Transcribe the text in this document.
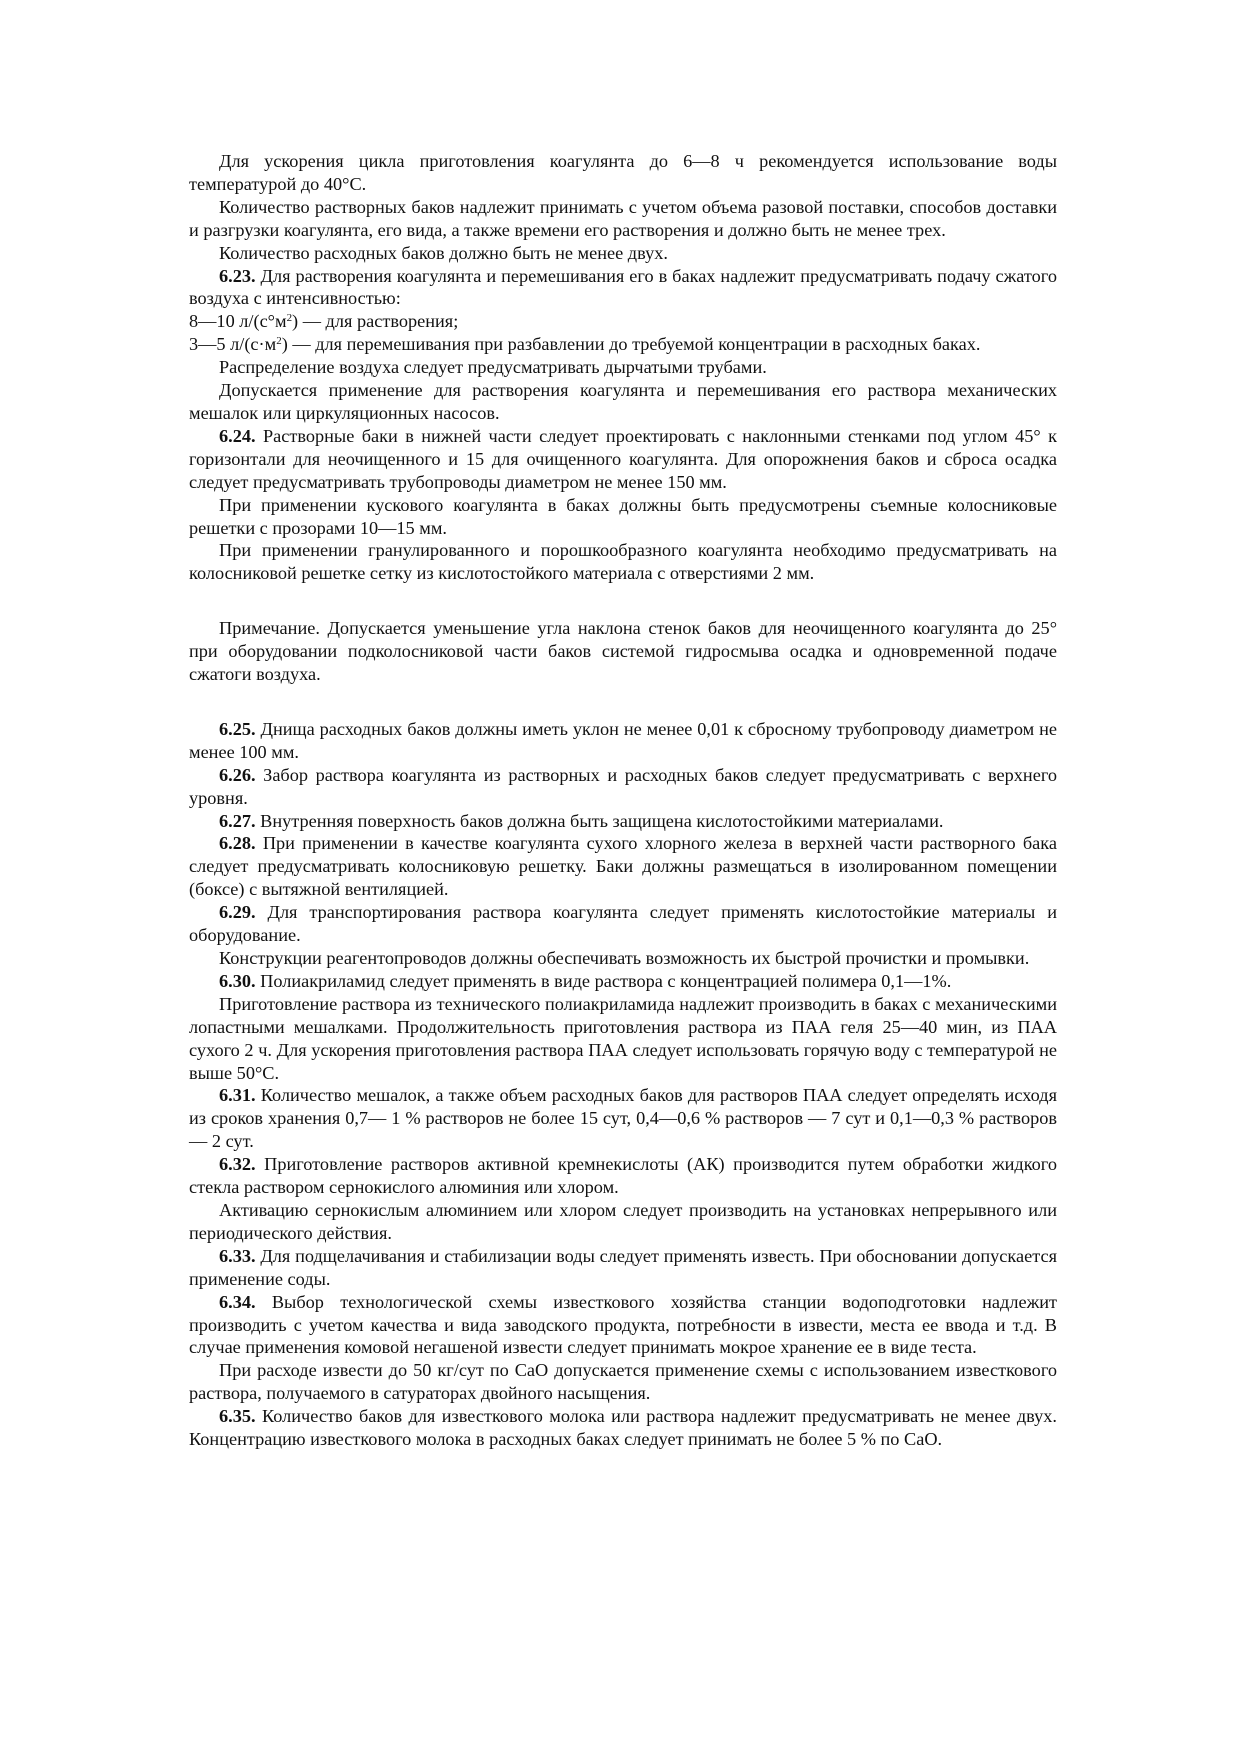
Для ускорения цикла приготовления коагулянта до 6—8 ч рекомендуется использование воды температурой до 40°С.

Количество растворных баков надлежит принимать с учетом объема разовой поставки, способов доставки и разгрузки коагулянта, его вида, а также времени его растворения и должно быть не менее трех.

Количество расходных баков должно быть не менее двух.

6.23. Для растворения коагулянта и перемешивания его в баках надлежит предусматривать подачу сжатого воздуха с интенсивностью:

8—10 $л/(с^\circ м^2)$ — для растворения;

3—5 $л/(с\cdot м^2)$ — для перемешивания при разбавлении до требуемой концентрации в расходных баках.

Распределение воздуха следует предусматривать дырчатыми трубами.

Допускается применение для растворения коагулянта и перемешивания его раствора механических мешалок или циркуляционных насосов.

6.24. Растворные баки в нижней части следует проектировать с наклонными стенками под углом 45° к горизонтали для неочищенного и 15 для очищенного коагулянта. Для опорожнения баков и сброса осадка следует предусматривать трубопроводы диаметром не менее 150 мм.

При применении кускового коагулянта в баках должны быть предусмотрены съемные колосниковые решетки с прозорами 10—15 мм.

При применении гранулированного и порошкообразного коагулянта необходимо предусматривать на колосниковой решетке сетку из кислотостойкого материала с отверстиями 2 мм.

Примечание. Допускается уменьшение угла наклона стенок баков для неочищенного коагулянта до 25° при оборудовании подколосниковой части баков системой гидросмыва осадка и одновременной подаче сжатоги воздуха.

6.25. Днища расходных баков должны иметь уклон не менее 0,01 к сбросному трубопроводу диаметром не менее 100 мм.

6.26. Забор раствора коагулянта из растворных и расходных баков следует предусматривать с верхнего уровня.

6.27. Внутренняя поверхность баков должна быть защищена кислотостойкими материалами.

6.28. При применении в качестве коагулянта сухого хлорного железа в верхней части растворного бака следует предусматривать колосниковую решетку. Баки должны размещаться в изолированном помещении (боксе) с вытяжной вентиляцией.

6.29. Для транспортирования раствора коагулянта следует применять кислотостойкие материалы и оборудование.

Конструкции реагентопроводов должны обеспечивать возможность их быстрой прочистки и промывки.

6.30. Полиакриламид следует применять в виде раствора с концентрацией полимера 0,1—1%.

Приготовление раствора из технического полиакриламида надлежит производить в баках с механическими лопастными мешалками. Продолжительность приготовления раствора из ПАА геля 25—40 мин, из ПАА сухого 2 ч. Для ускорения приготовления раствора ПАА следует использовать горячую воду с температурой не выше 50°С.

6.31. Количество мешалок, а также объем расходных баков для растворов ПАА следует определять исходя из сроков хранения 0,7— 1 % растворов не более 15 сут, 0,4—0,6 % растворов — 7 сут и 0,1—0,3 % растворов — 2 сут.

6.32. Приготовление растворов активной кремнекислоты (АК) производится путем обработки жидкого стекла раствором сернокислого алюминия или хлором.

Активацию сернокислым алюминием или хлором следует производить на установках непрерывного или периодического действия.

6.33. Для подщелачивания и стабилизации воды следует применять известь. При обосновании допускается применение соды.

6.34. Выбор технологической схемы известкового хозяйства станции водоподготовки надлежит производить с учетом качества и вида заводского продукта, потребности в извести, места ее ввода и т.д. В случае применения комовой негашеной извести следует принимать мокрое хранение ее в виде теста.

При расходе извести до 50 кг/сут по СаО допускается применение схемы с использованием известкового раствора, получаемого в сатураторах двойного насыщения.

6.35. Количество баков для известкового молока или раствора надлежит предусматривать не менее двух. Концентрацию известкового молока в расходных баках следует принимать не более 5 % по СаО.
